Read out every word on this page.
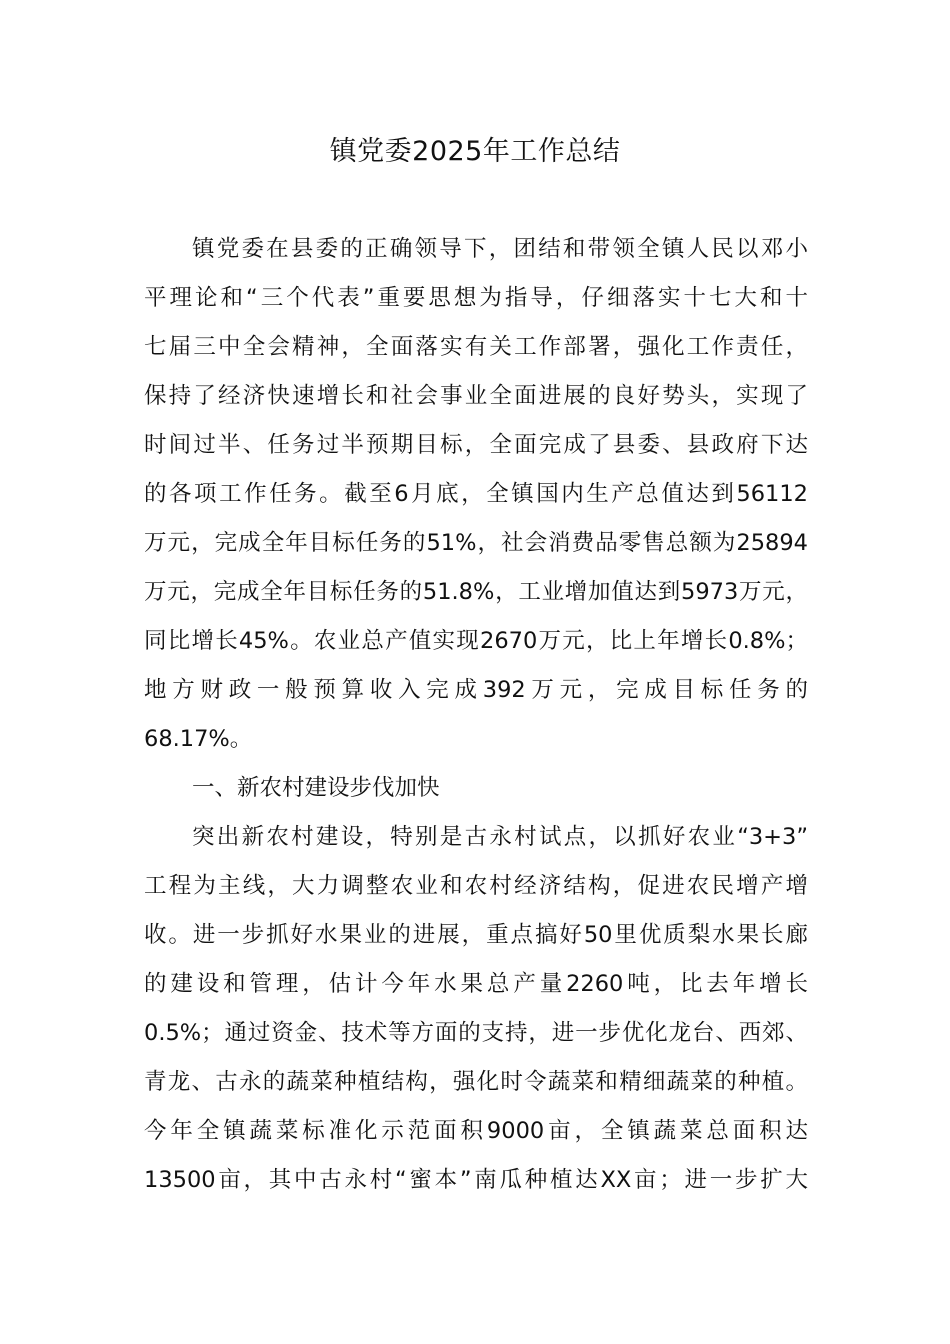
镇党委2025年工作总结
镇党委在县委的正确领导下，团结和带领全镇人民以邓小
平理论和“三个代表”重要思想为指导，仔细落实十七大和十
七届三中全会精神，全面落实有关工作部署，强化工作责任，
保持了经济快速增长和社会事业全面进展的良好势头，实现了
时间过半、任务过半预期目标，全面完成了县委、县政府下达
的各项工作任务。截至6月底，全镇国内生产总值达到56112
万元，完成全年目标任务的51%，社会消费品零售总额为25894
万元，完成全年目标任务的51.8%，工业增加值达到5973万元，
同比增长45%。农业总产值实现2670万元，比上年增长0.8%；
地方财政一般预算收入完成392万元，完成目标任务的
68.17%。
一、新农村建设步伐加快
突出新农村建设，特别是古永村试点，以抓好农业“3+3”
工程为主线，大力调整农业和农村经济结构，促进农民增产增
收。进一步抓好水果业的进展，重点搞好50里优质梨水果长廊
的建设和管理，估计今年水果总产量2260吨，比去年增长
0.5%；通过资金、技术等方面的支持，进一步优化龙台、西郊、
青龙、古永的蔬菜种植结构，强化时令蔬菜和精细蔬菜的种植。
今年全镇蔬菜标准化示范面积9000亩，全镇蔬菜总面积达
13500亩，其中古永村“蜜本”南瓜种植达XX亩；进一步扩大
